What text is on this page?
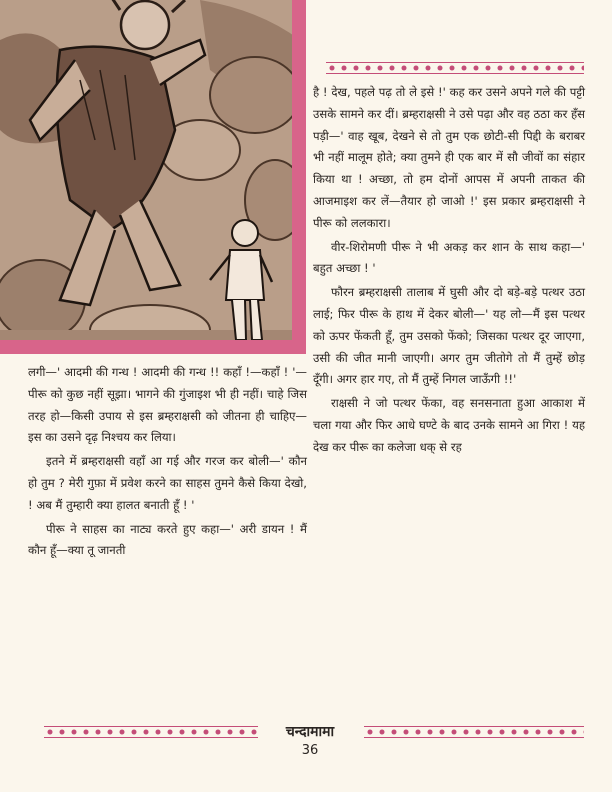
है ! देख, पहले पढ़ तो ले इसे !' कह कर उसने अपने गले की पट्टी उसके सामने कर दीं। ब्रम्हराक्षसी ने उसे पढ़ा और वह ठठा कर हँस पड़ी—' वाह खूब, देखने से तो तुम एक छोटी-सी पिद्दी के बराबर भी नहीं मालूम होते; क्या तुमने ही एक बार में सौ जीवों का संहार किया था ! अच्छा, तो हम दोनों आपस में अपनी ताकत की आजमाइश कर लें—तैयार हो जाओ !' इस प्रकार ब्रम्हराक्षसी ने पीरू को ललकारा।

वीर-शिरोमणी पीरू ने भी अकड़ कर शान के साथ कहा—' बहुत अच्छा ! '

फौरन ब्रम्हराक्षसी तालाब में घुसी और दो बड़े-बड़े पत्थर उठा लाई; फिर पीरू के हाथ में देकर बोली—' यह लो—मैं इस पत्थर को ऊपर फेंकती हूँ, तुम उसको फेंको; जिसका पत्थर दूर जाएगा, उसी की जीत मानी जाएगी। अगर तुम जीतोगे तो मैं तुम्हें छोड़ दूँगी। अगर हार गए, तो मैं तुम्हें निगल जाऊँगी !!'

राक्षसी ने जो पत्थर फेंका, वह सनसनाता हुआ आकाश में चला गया और फिर आधे घण्टे के बाद उनके सामने आ गिरा ! यह देख कर पीरू का कलेजा धक् से रह

लगी—' आदमी की गन्ध ! आदमी की गन्ध !! कहाँ !—कहाँ ! '—पीरू को कुछ नहीं सूझा। भागने की गुंजाइश भी ही नहीं। चाहे जिस तरह हो—किसी उपाय से इस ब्रम्हराक्षसी को जीतना ही चाहिए—इस का उसने दृढ़ निश्चय कर लिया।

इतने में ब्रम्हराक्षसी वहाँ आ गई और गरज कर बोली—' कौन हो तुम ? मेरी गुफ़ा में प्रवेश करने का साहस तुमने कैसे किया देखो, ! अब मैं तुम्हारी क्या हालत बनाती हूँ ! '

पीरू ने साहस का नाट्य करते हुए कहा—' अरी डायन ! मैं कौन हूँ—क्या तू जानती

चन्दामामा
36
